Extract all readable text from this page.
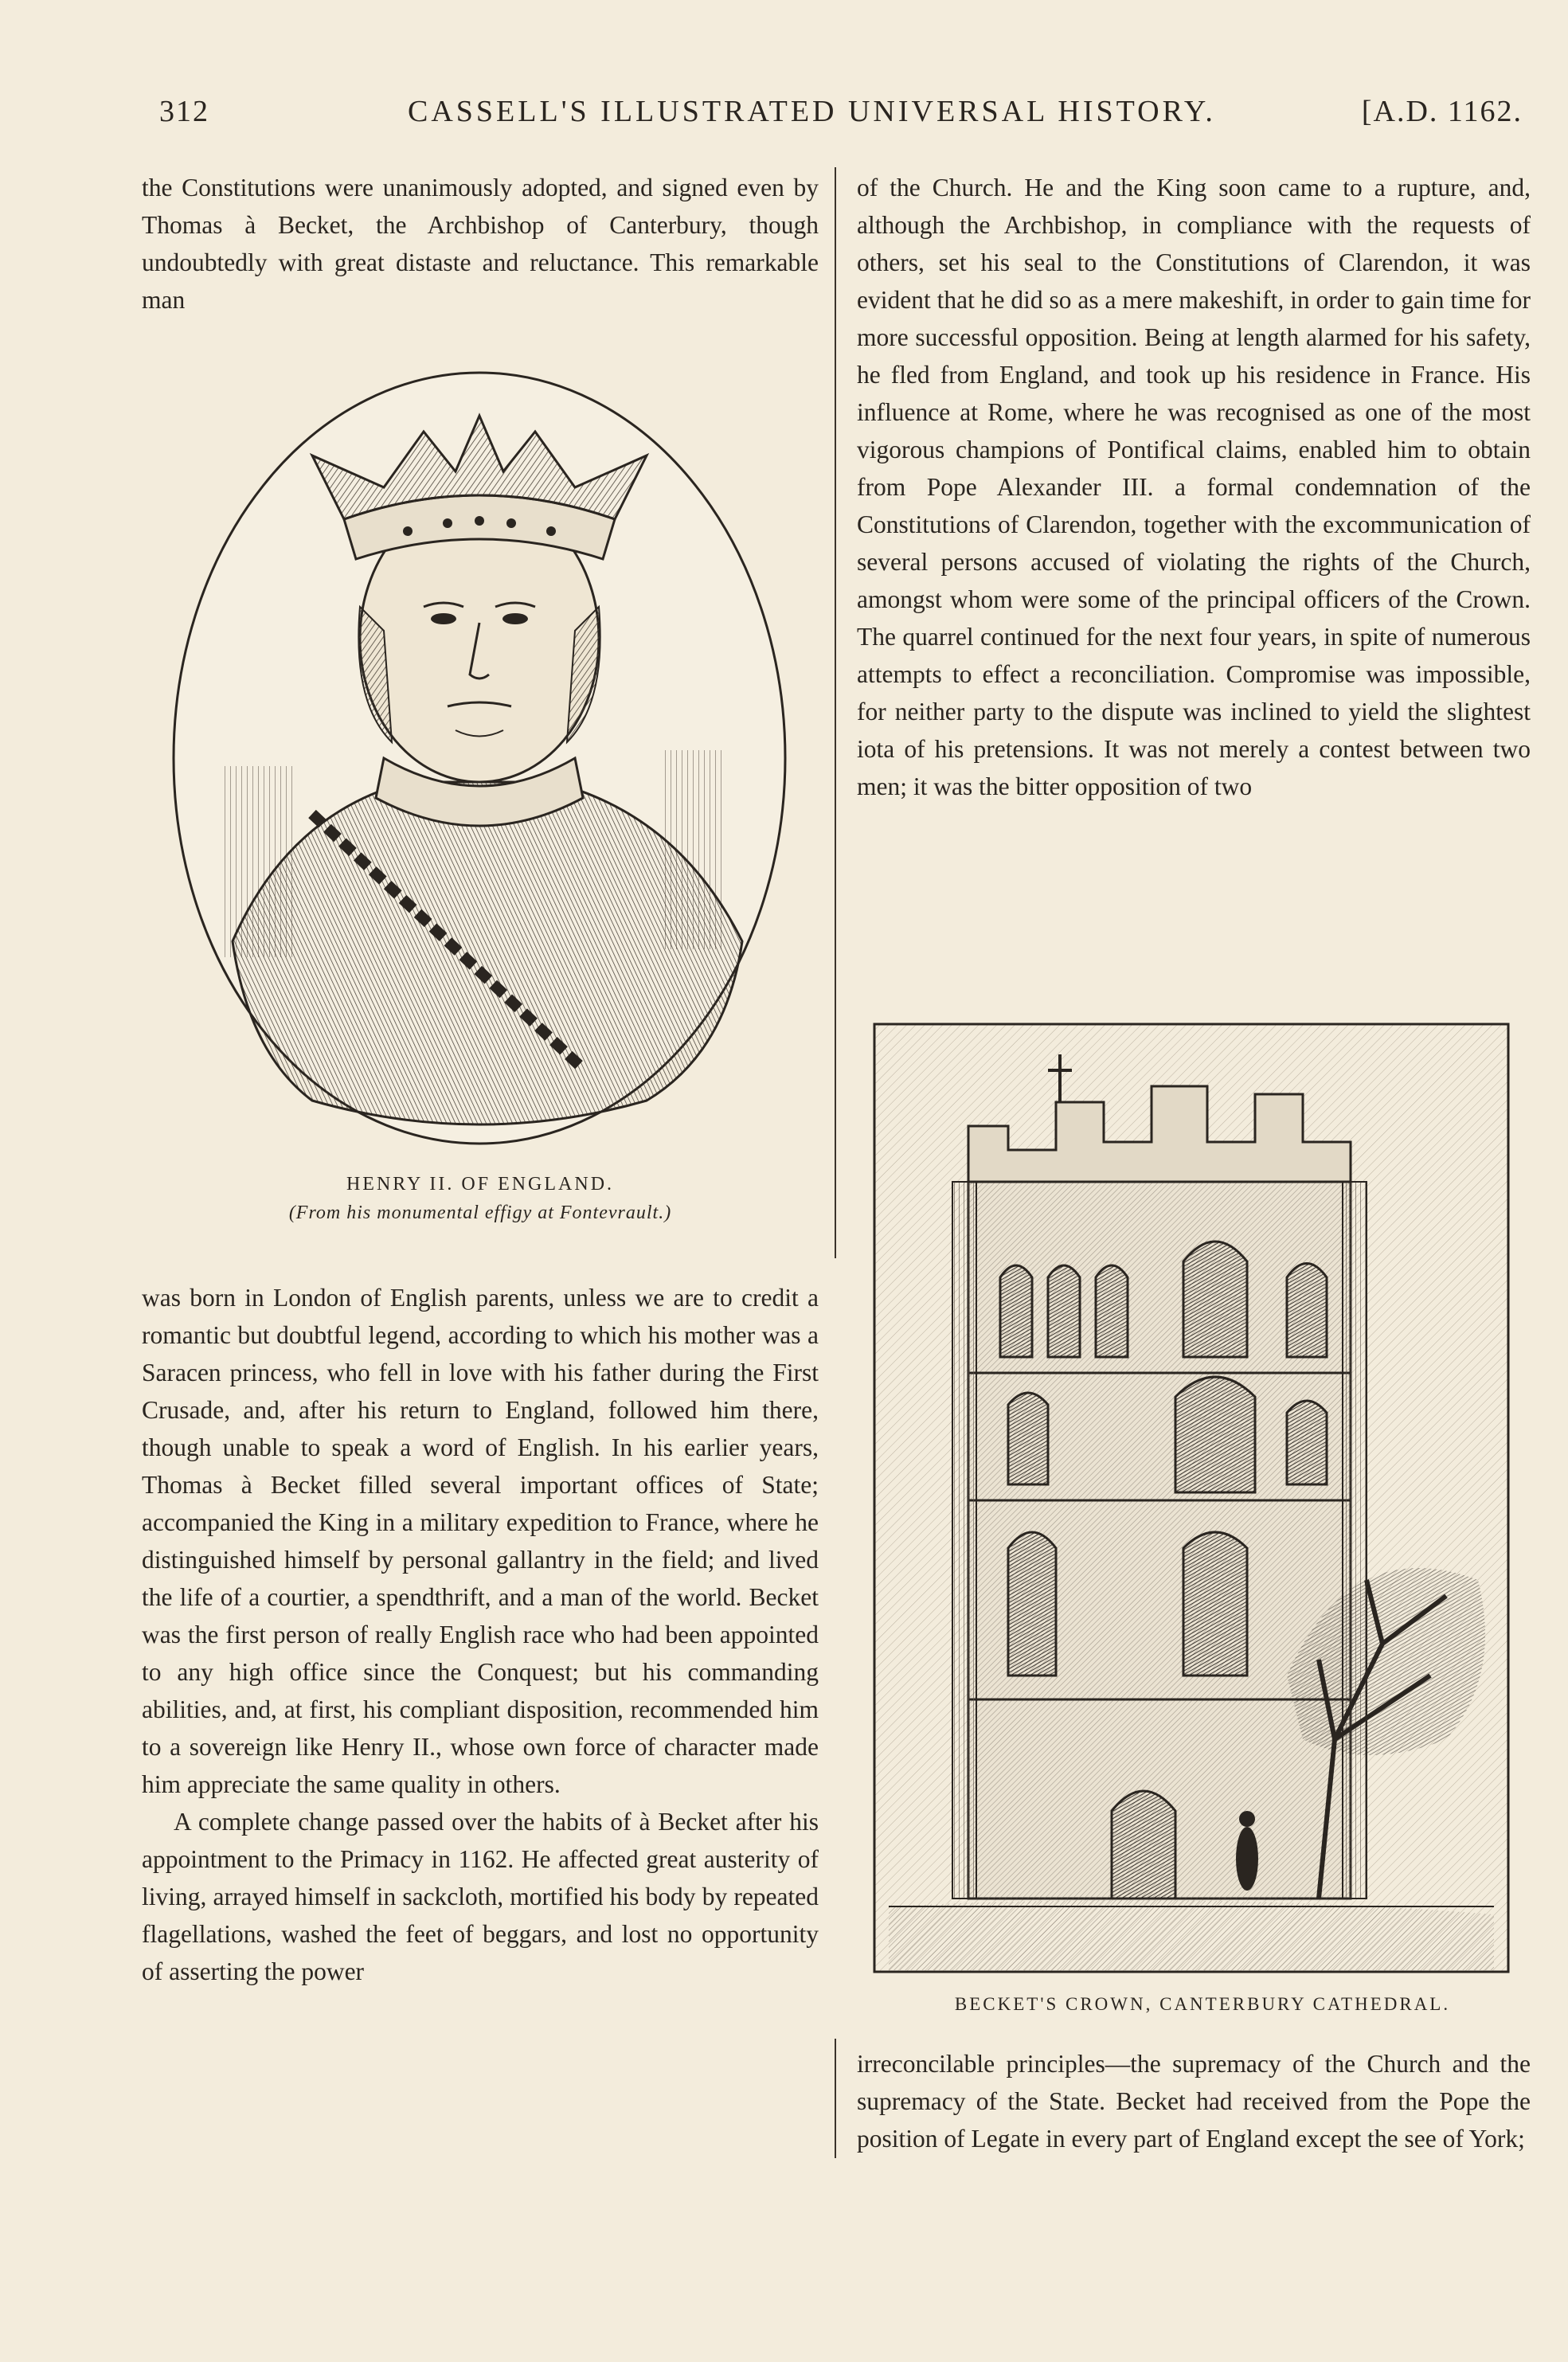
312	CASSELL'S ILLUSTRATED UNIVERSAL HISTORY.	[A.D. 1162.

the Constitutions were unanimously adopted, and signed even by Thomas à Becket, the Archbishop of Canterbury, though undoubtedly with great distaste and reluctance. This remarkable man

HENRY II. OF ENGLAND.
(From his monumental effigy at Fontevrault.)

was born in London of English parents, unless we are to credit a romantic but doubtful legend, according to which his mother was a Saracen princess, who fell in love with his father during the First Crusade, and, after his return to England, followed him there, though unable to speak a word of English. In his earlier years, Thomas à Becket filled several important offices of State; accompanied the King in a military expedition to France, where he distinguished himself by personal gallantry in the field; and lived the life of a courtier, a spendthrift, and a man of the world. Becket was the first person of really English race who had been appointed to any high office since the Conquest; but his commanding abilities, and, at first, his compliant disposition, recommended him to a sovereign like Henry II., whose own force of character made him appreciate the same quality in others.

A complete change passed over the habits of à Becket after his appointment to the Primacy in 1162. He affected great austerity of living, arrayed himself in sackcloth, mortified his body by repeated flagellations, washed the feet of beggars, and lost no opportunity of asserting the power

of the Church. He and the King soon came to a rupture, and, although the Archbishop, in compliance with the requests of others, set his seal to the Constitutions of Clarendon, it was evident that he did so as a mere makeshift, in order to gain time for more successful opposition. Being at length alarmed for his safety, he fled from England, and took up his residence in France. His influence at Rome, where he was recognised as one of the most vigorous champions of Pontifical claims, enabled him to obtain from Pope Alexander III. a formal condemnation of the Constitutions of Clarendon, together with the excommunication of several persons accused of violating the rights of the Church, amongst whom were some of the principal officers of the Crown. The quarrel continued for the next four years, in spite of numerous attempts to effect a reconciliation. Compromise was impossible, for neither party to the dispute was inclined to yield the slightest iota of his pretensions. It was not merely a contest between two men; it was the bitter opposition of two

BECKET'S CROWN, CANTERBURY CATHEDRAL.

irreconcilable principles—the supremacy of the Church and the supremacy of the State. Becket had received from the Pope the position of Legate in every part of England except the see of York;
